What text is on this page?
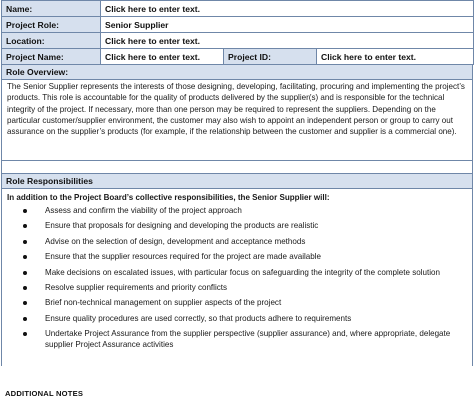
Name:	Click here to enter text.		
Project Role:	Senior Supplier		
Location:	Click here to enter text.		
Project Name:	Click here to enter text.	Project ID:	Click here to enter text.
Role Overview:
The Senior Supplier represents the interests of those designing, developing, facilitating, procuring and implementing the project’s products. This role is accountable for the quality of products delivered by the supplier(s) and is responsible for the technical integrity of the project. If necessary, more than one person may be required to represent the suppliers. Depending on the particular customer/supplier environment, the customer may also wish to appoint an independent person or group to carry out assurance on the supplier’s products (for example, if the relationship between the customer and supplier is a commercial one).
Role Responsibilities
In addition to the Project Board’s collective responsibilities, the Senior Supplier will:
Assess and confirm the viability of the project approach
Ensure that proposals for designing and developing the products are realistic
Advise on the selection of design, development and acceptance methods
Ensure that the supplier resources required for the project are made available
Make decisions on escalated issues, with particular focus on safeguarding the integrity of the complete solution
Resolve supplier requirements and priority conflicts
Brief non-technical management on supplier aspects of the project
Ensure quality procedures are used correctly, so that products adhere to requirements
Undertake Project Assurance from the supplier perspective (supplier assurance) and, where appropriate, delegate supplier Project Assurance activities
ADDITIONAL NOTES
